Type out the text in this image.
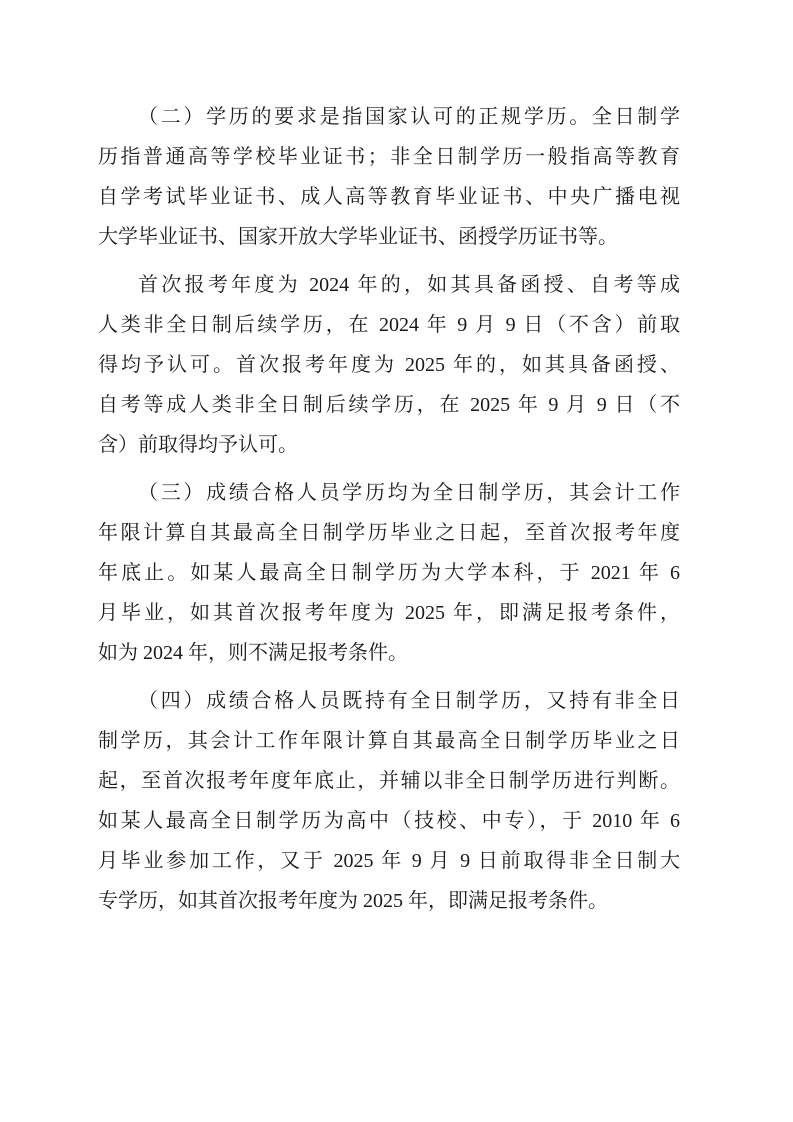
（二）学历的要求是指国家认可的正规学历。全日制学
历指普通高等学校毕业证书；非全日制学历一般指高等教育
自学考试毕业证书、成人高等教育毕业证书、中央广播电视
大学毕业证书、国家开放大学毕业证书、函授学历证书等。
首次报考年度为 2024 年的，如其具备函授、自考等成
人类非全日制后续学历，在 2024 年 9 月 9 日（不含）前取
得均予认可。首次报考年度为 2025 年的，如其具备函授、
自考等成人类非全日制后续学历，在 2025 年 9 月 9 日（不
含）前取得均予认可。
（三）成绩合格人员学历均为全日制学历，其会计工作
年限计算自其最高全日制学历毕业之日起，至首次报考年度
年底止。如某人最高全日制学历为大学本科，于 2021 年 6
月毕业，如其首次报考年度为 2025 年，即满足报考条件，
如为 2024 年，则不满足报考条件。
（四）成绩合格人员既持有全日制学历，又持有非全日
制学历，其会计工作年限计算自其最高全日制学历毕业之日
起，至首次报考年度年底止，并辅以非全日制学历进行判断。
如某人最高全日制学历为高中（技校、中专），于 2010 年 6
月毕业参加工作，又于 2025 年 9 月 9 日前取得非全日制大
专学历，如其首次报考年度为 2025 年，即满足报考条件。
